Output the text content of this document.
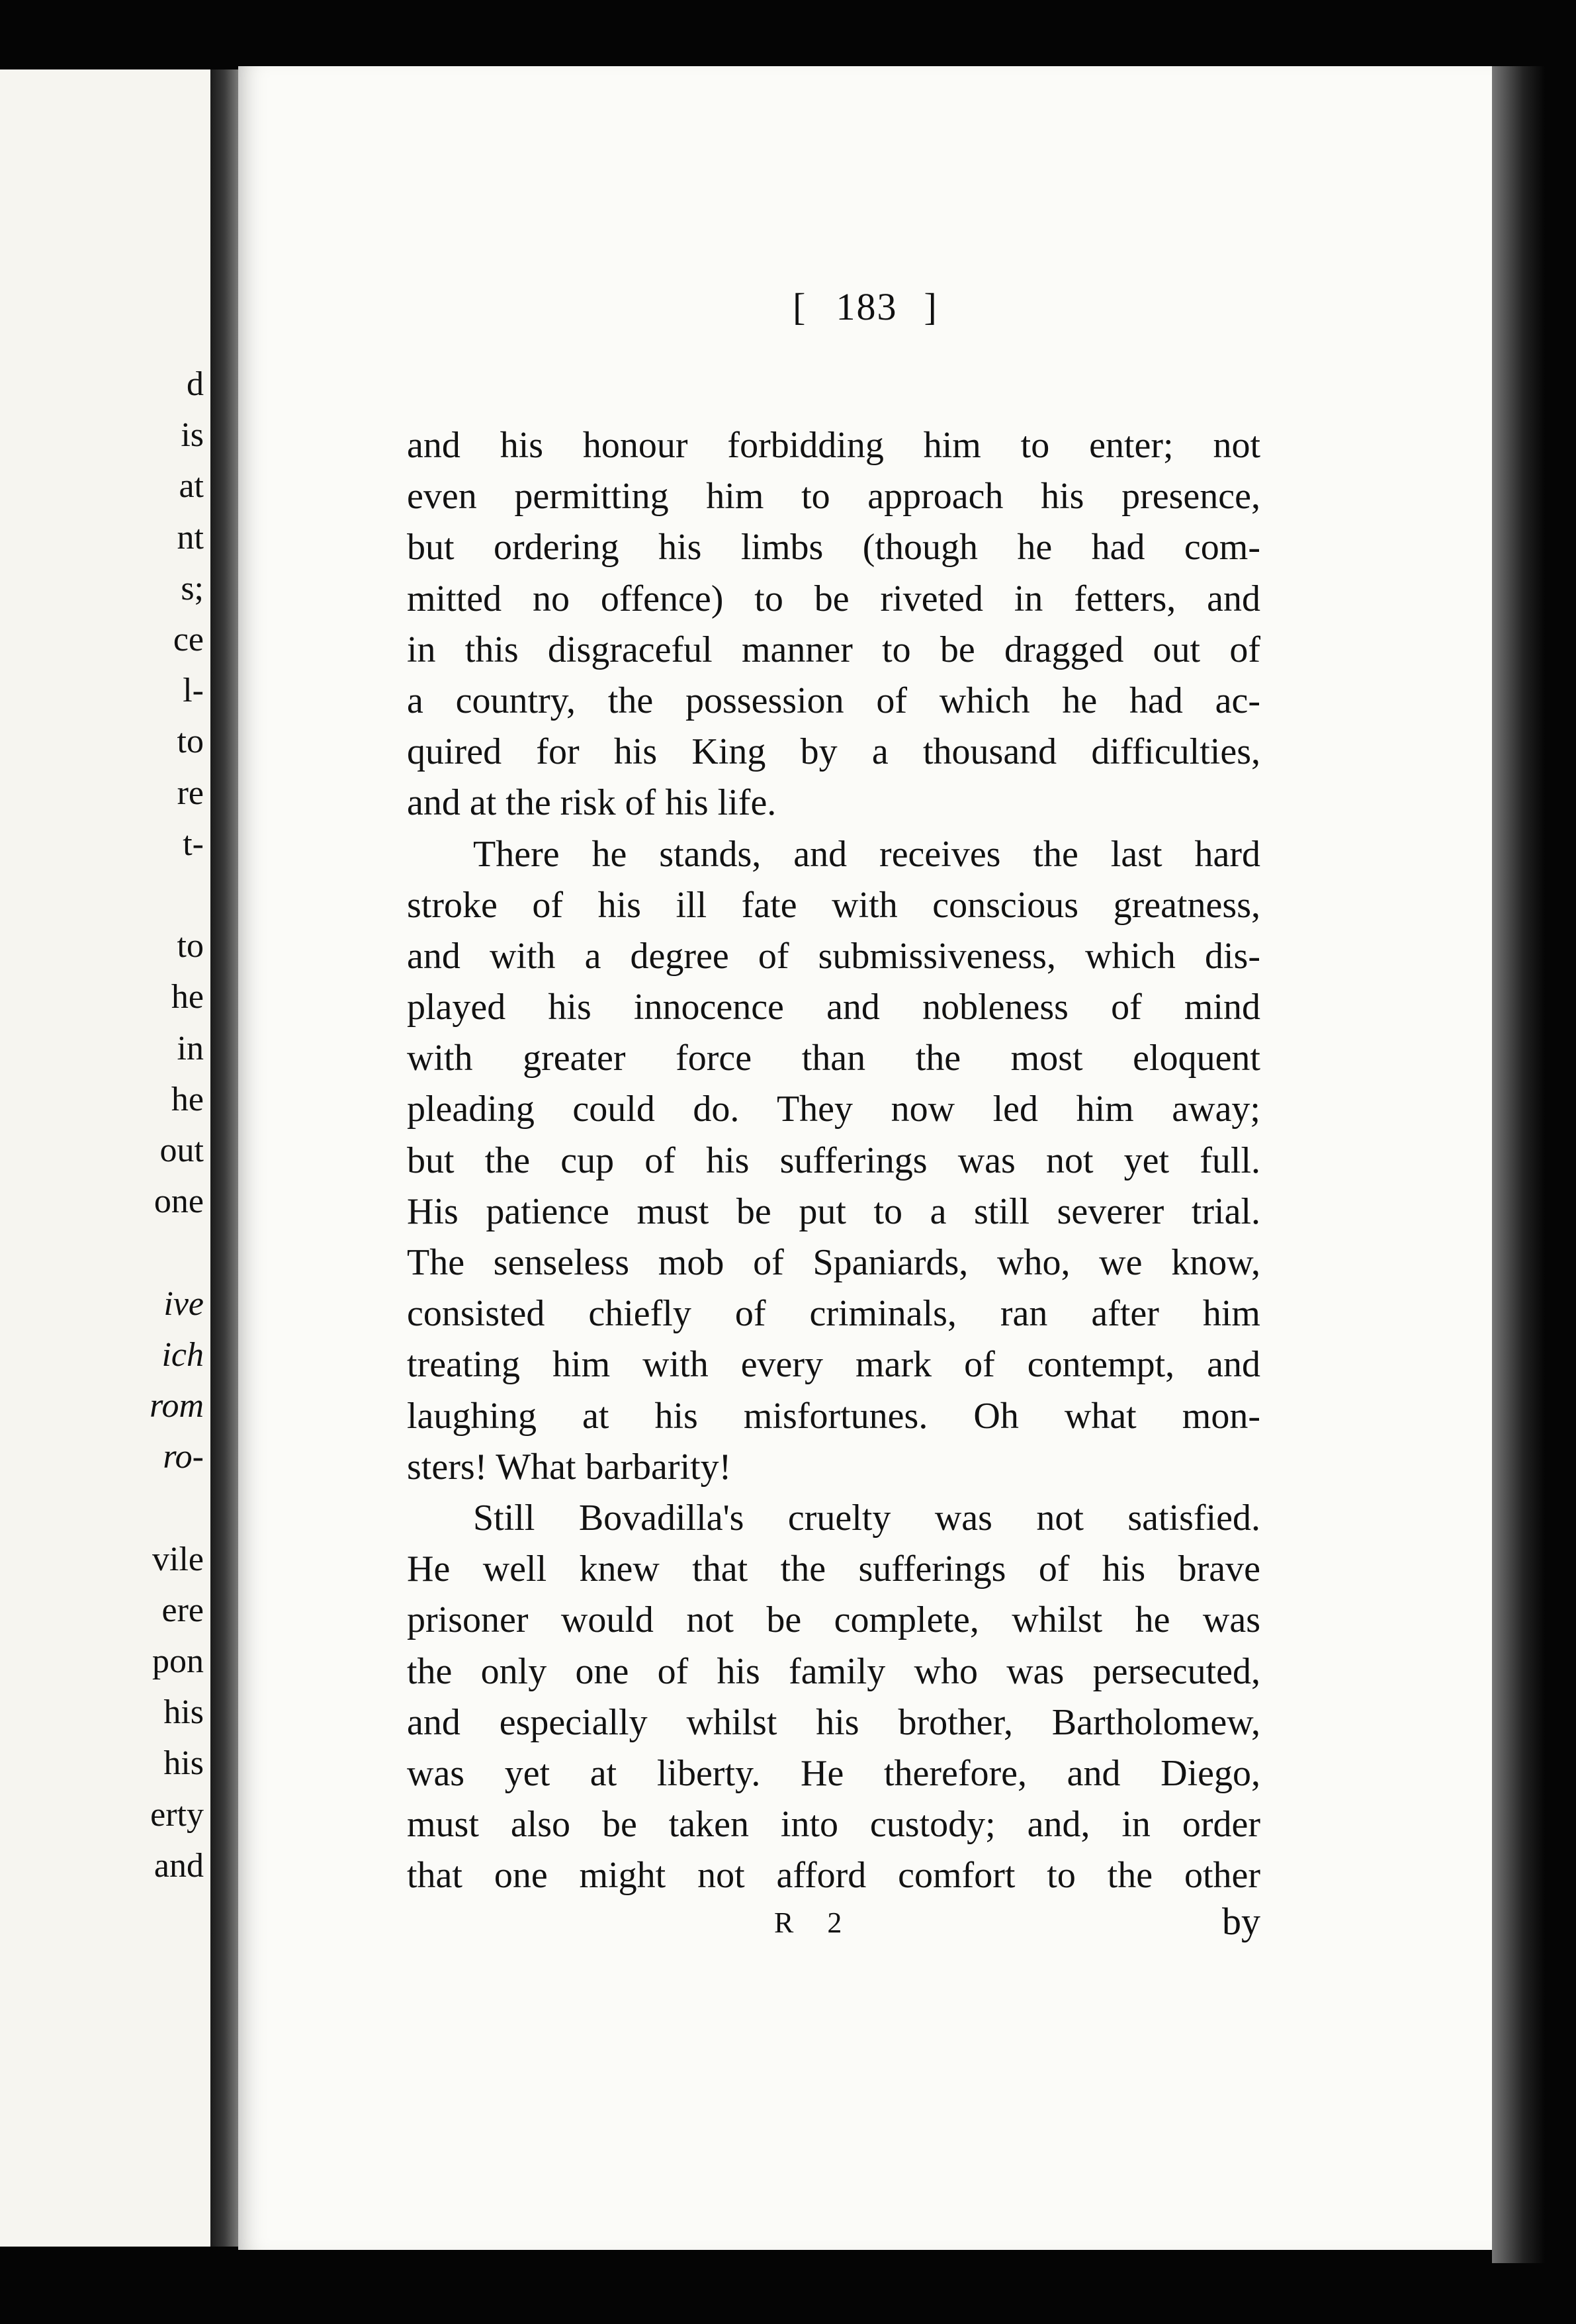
d
is
at
nt
s;
ce
l-
to
re
t-
to
he
in
he
out
one
ive
ich
rom
ro-
vile
ere
pon
his
his
erty
and
[ 183 ]
and his honour forbidding him to enter; not
even permitting him to approach his presence,
but ordering his limbs (though he had com-
mitted no offence) to be riveted in fetters, and
in this disgraceful manner to be dragged out of
a country, the possession of which he had ac-
quired for his King by a thousand difficulties,
and at the risk of his life.
There he stands, and receives the last hard
stroke of his ill fate with conscious greatness,
and with a degree of submissiveness, which dis-
played his innocence and nobleness of mind
with greater force than the most eloquent
pleading could do. They now led him away;
but the cup of his sufferings was not yet full.
His patience must be put to a still severer trial.
The senseless mob of Spaniards, who, we know,
consisted chiefly of criminals, ran after him
treating him with every mark of contempt, and
laughing at his misfortunes. Oh what mon-
sters! What barbarity!
Still Bovadilla's cruelty was not satisfied.
He well knew that the sufferings of his brave
prisoner would not be complete, whilst he was
the only one of his family who was persecuted,
and especially whilst his brother, Bartholomew,
was yet at liberty. He therefore, and Diego,
must also be taken into custody; and, in order
that one might not afford comfort to the other
R 2	by
